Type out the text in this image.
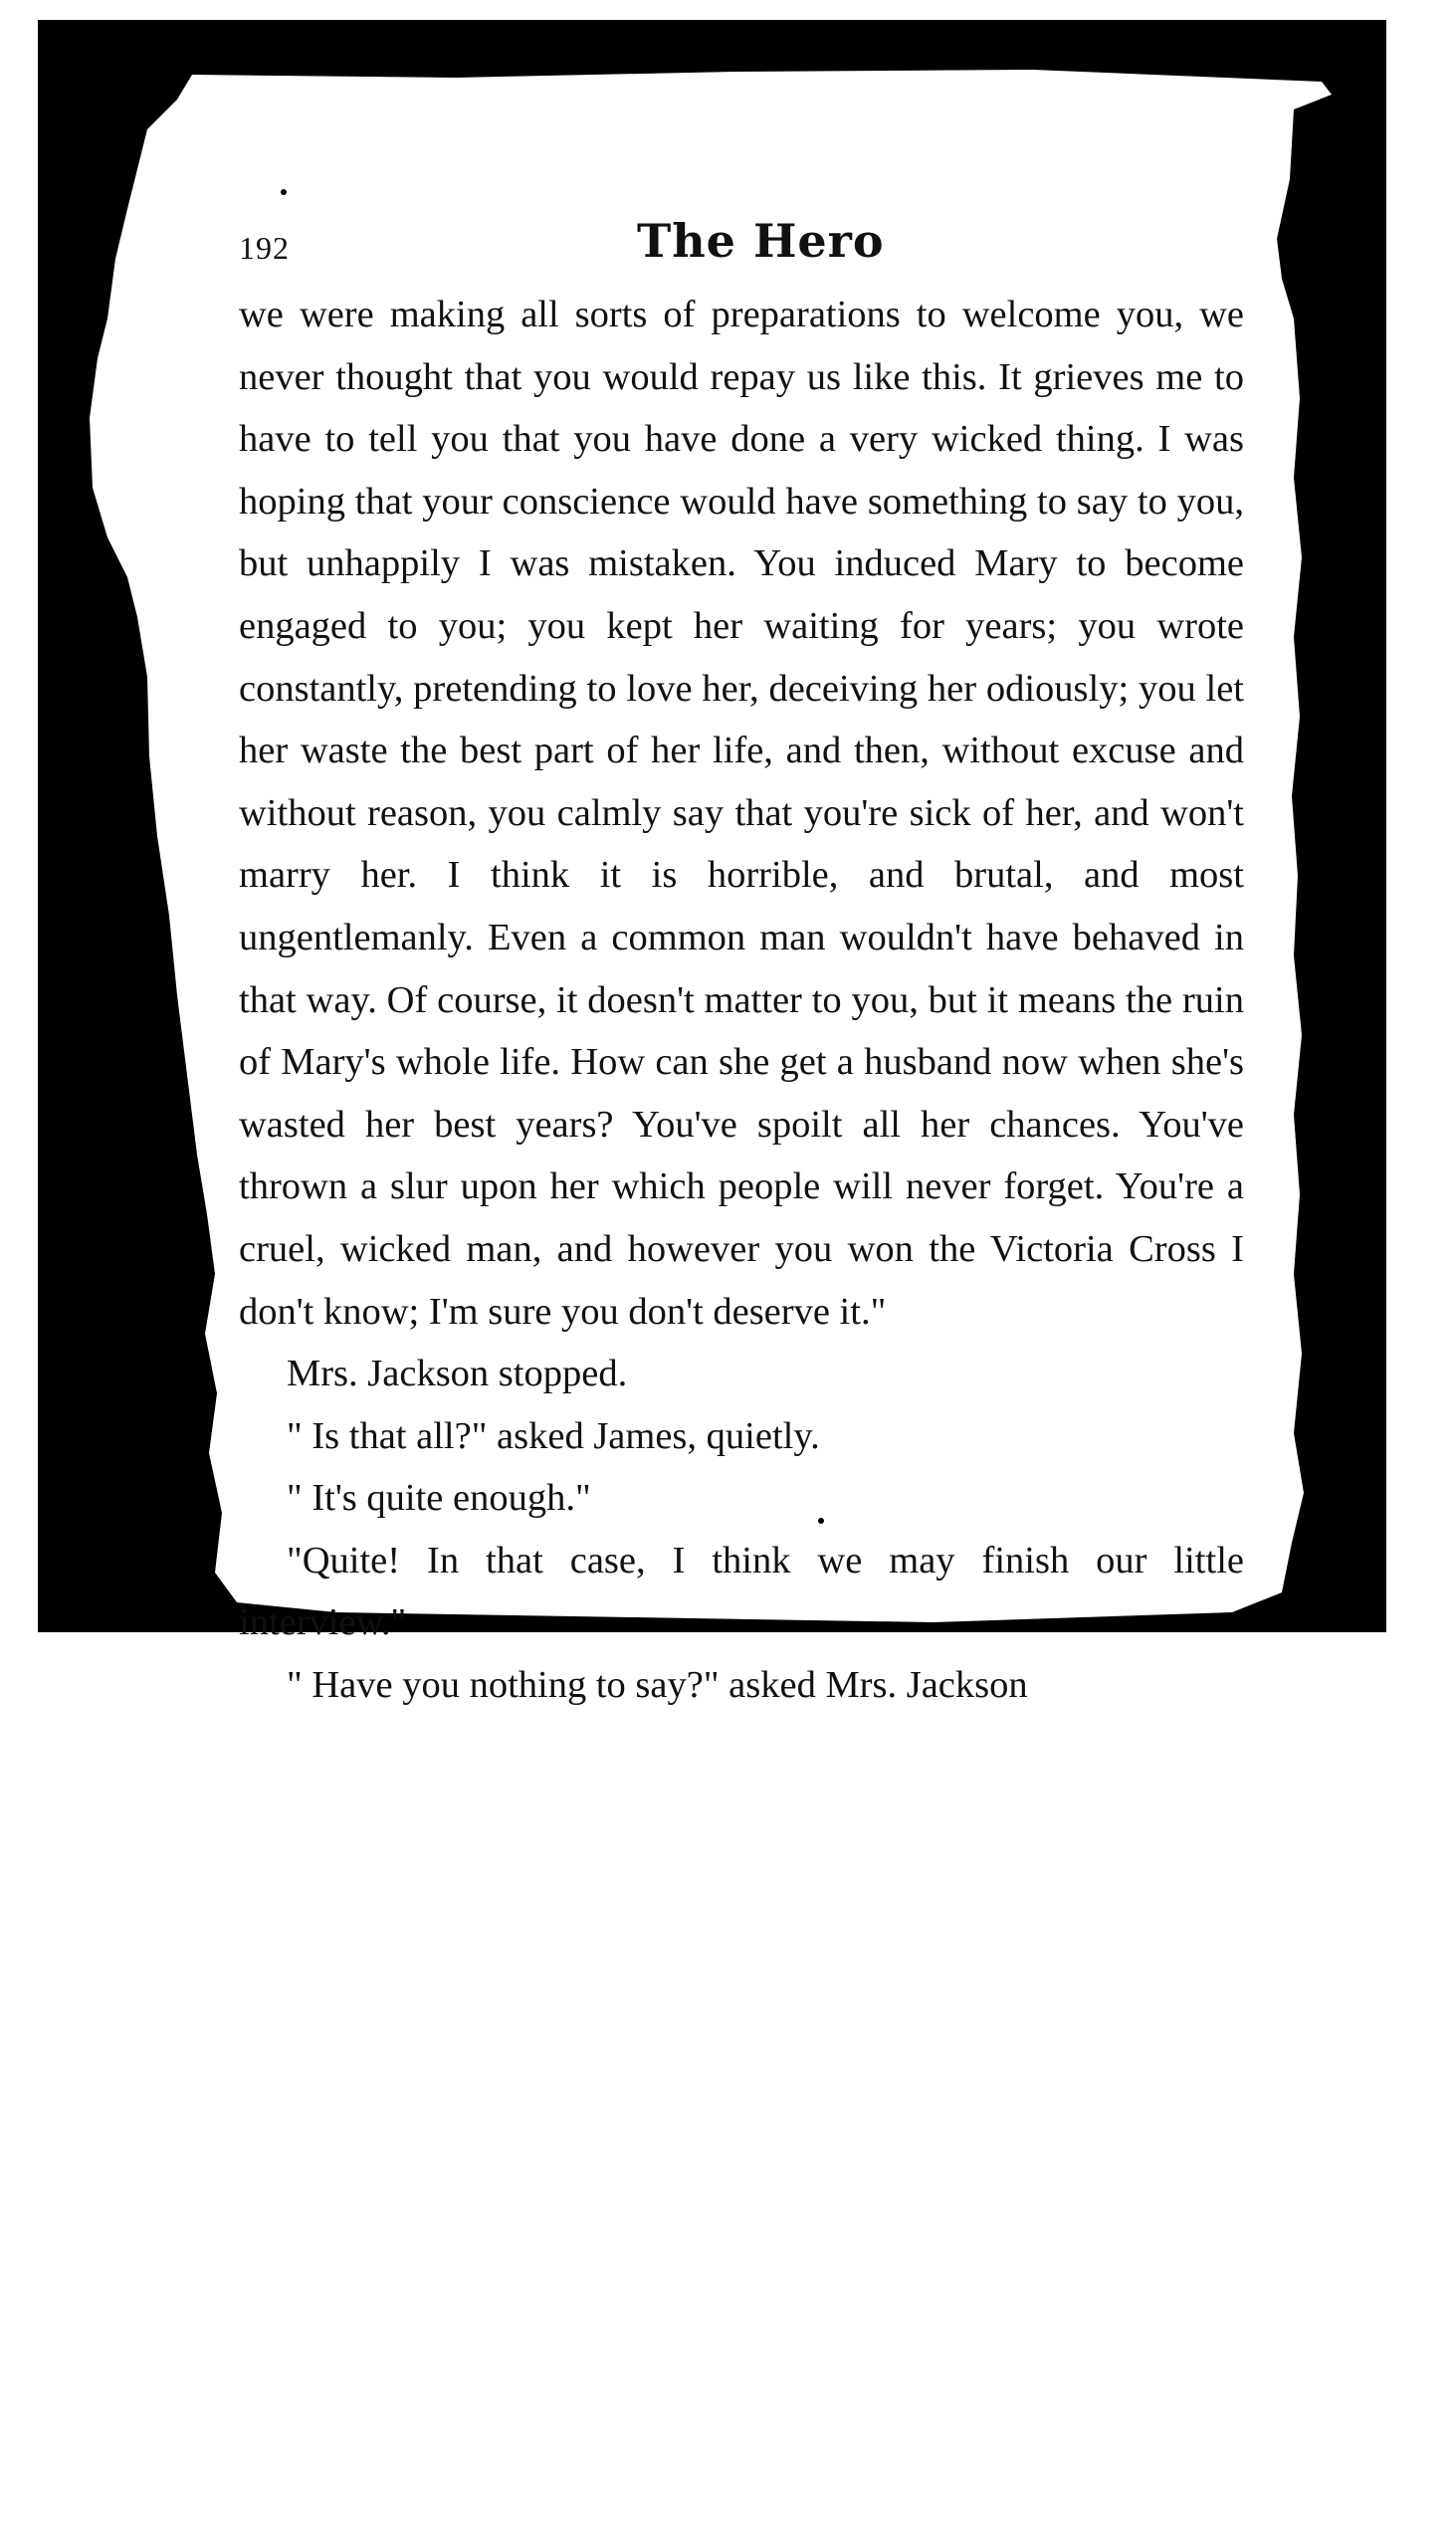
192	The Hero

we were making all sorts of preparations to welcome you, we never thought that you would repay us like this. It grieves me to have to tell you that you have done a very wicked thing. I was hoping that your conscience would have something to say to you, but unhappily I was mistaken. You induced Mary to become engaged to you; you kept her waiting for years; you wrote constantly, pretending to love her, deceiving her odiously; you let her waste the best part of her life, and then, without excuse and without reason, you calmly say that you're sick of her, and won't marry her. I think it is horrible, and brutal, and most ungentlemanly. Even a common man wouldn't have behaved in that way. Of course, it doesn't matter to you, but it means the ruin of Mary's whole life. How can she get a husband now when she's wasted her best years? You've spoilt all her chances. You've thrown a slur upon her which people will never forget. You're a cruel, wicked man, and however you won the Victoria Cross I don't know; I'm sure you don't deserve it."

Mrs. Jackson stopped.

" Is that all?" asked James, quietly.

" It's quite enough."

"Quite! In that case, I think we may finish our little interview."

" Have you nothing to say?" asked Mrs. Jackson
